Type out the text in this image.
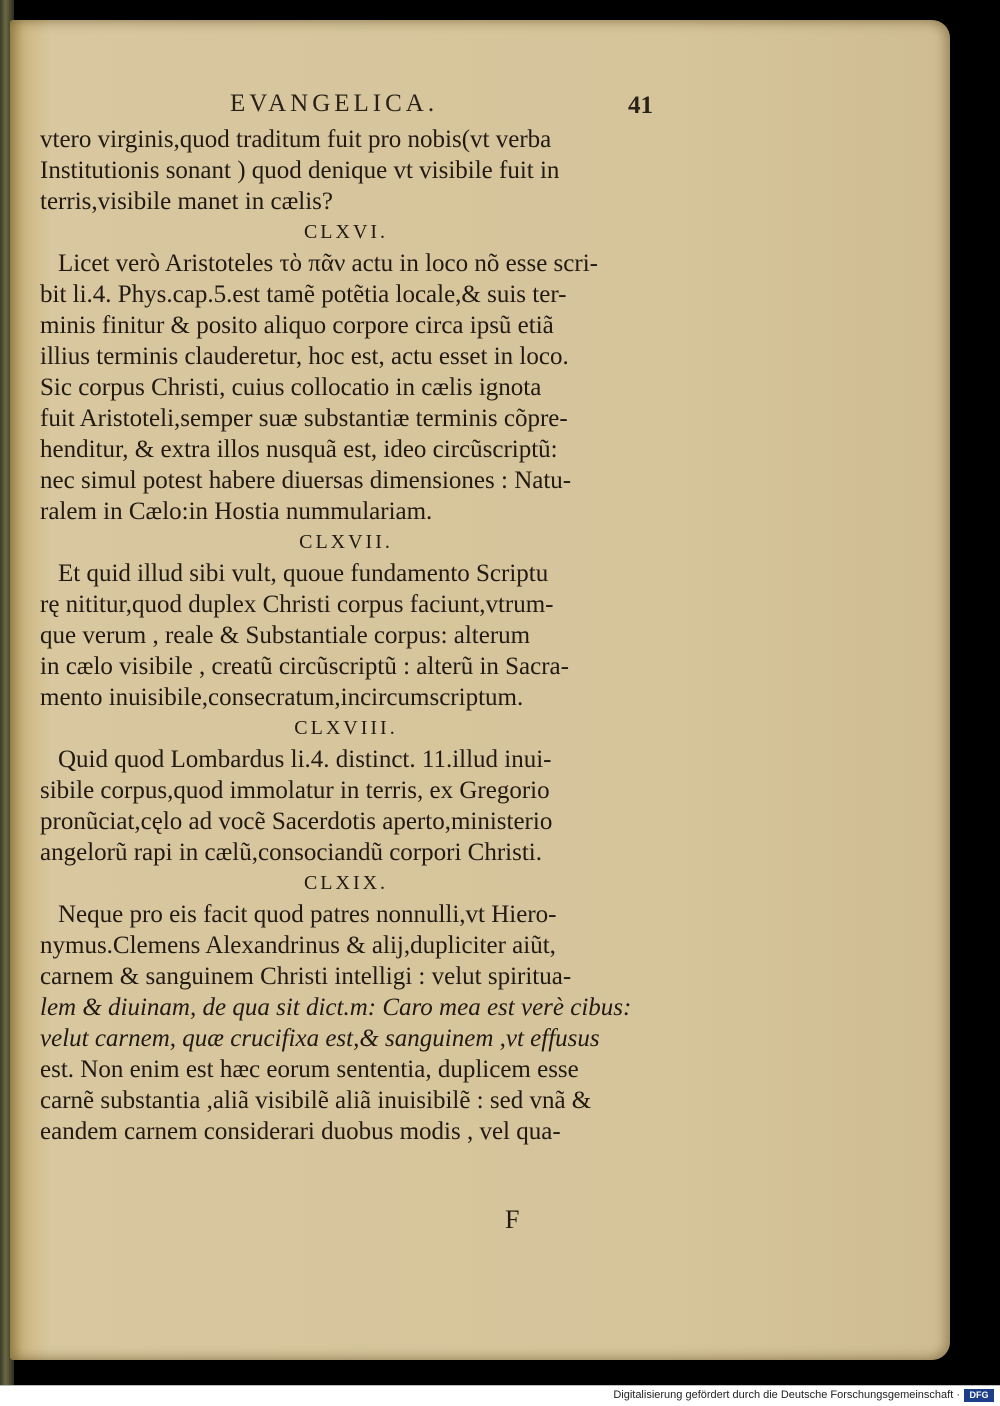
EVANGELICA.	41
vtero virginis,quod traditum fuit pro nobis(vt verba
Institutionis sonant ) quod denique vt visibile fuit in
terris,visibile manet in cælis?
CLXVI.
Licet verò Aristoteles τὸ πᾶν actu in loco nõ esse scri-
bit li.4. Phys.cap.5.est tamẽ potẽtia locale,& suis ter-
minis finitur & posito aliquo corpore circa ipsũ etiã
illius terminis clauderetur, hoc est, actu esset in loco.
Sic corpus Christi, cuius collocatio in cælis ignota
fuit Aristoteli,semper suæ substantiæ terminis cõpre-
henditur, & extra illos nusquã est, ideo circũscriptũ:
nec simul potest habere diuersas dimensiones : Natu-
ralem in Cælo:in Hostia nummulariam.
CLXVII.
Et quid illud sibi vult, quoue fundamento Scriptu
rę nititur,quod duplex Christi corpus faciunt,vtrum-
que verum , reale & Substantiale corpus: alterum
in cælo visibile , creatũ circũscriptũ : alterũ in Sacra-
mento inuisibile,consecratum,incircumscriptum.
CLXVIII.
Quid quod Lombardus li.4. distinct. 11.illud inui-
sibile corpus,quod immolatur in terris, ex Gregorio
pronũciat,cęlo ad vocẽ Sacerdotis aperto,ministerio
angelorũ rapi in cælũ,consociandũ corpori Christi.
CLXIX.
Neque pro eis facit quod patres nonnulli,vt Hiero-
nymus.Clemens Alexandrinus & alij,dupliciter aiũt,
carnem & sanguinem Christi intelligi : velut spiritua-
lem & diuinam, de qua sit dict.m: Caro mea est verè cibus:
velut carnem, quæ crucifixa est,& sanguinem ,vt effusus
est. Non enim est hæc eorum sententia, duplicem esse
carnẽ substantia ,aliã visibilẽ aliã inuisibilẽ : sed vnã &
eandem carnem considerari duobus modis , vel qua-
F
Digitalisierung gefördert durch die Deutsche Forschungsgemeinschaft ·	DFG
